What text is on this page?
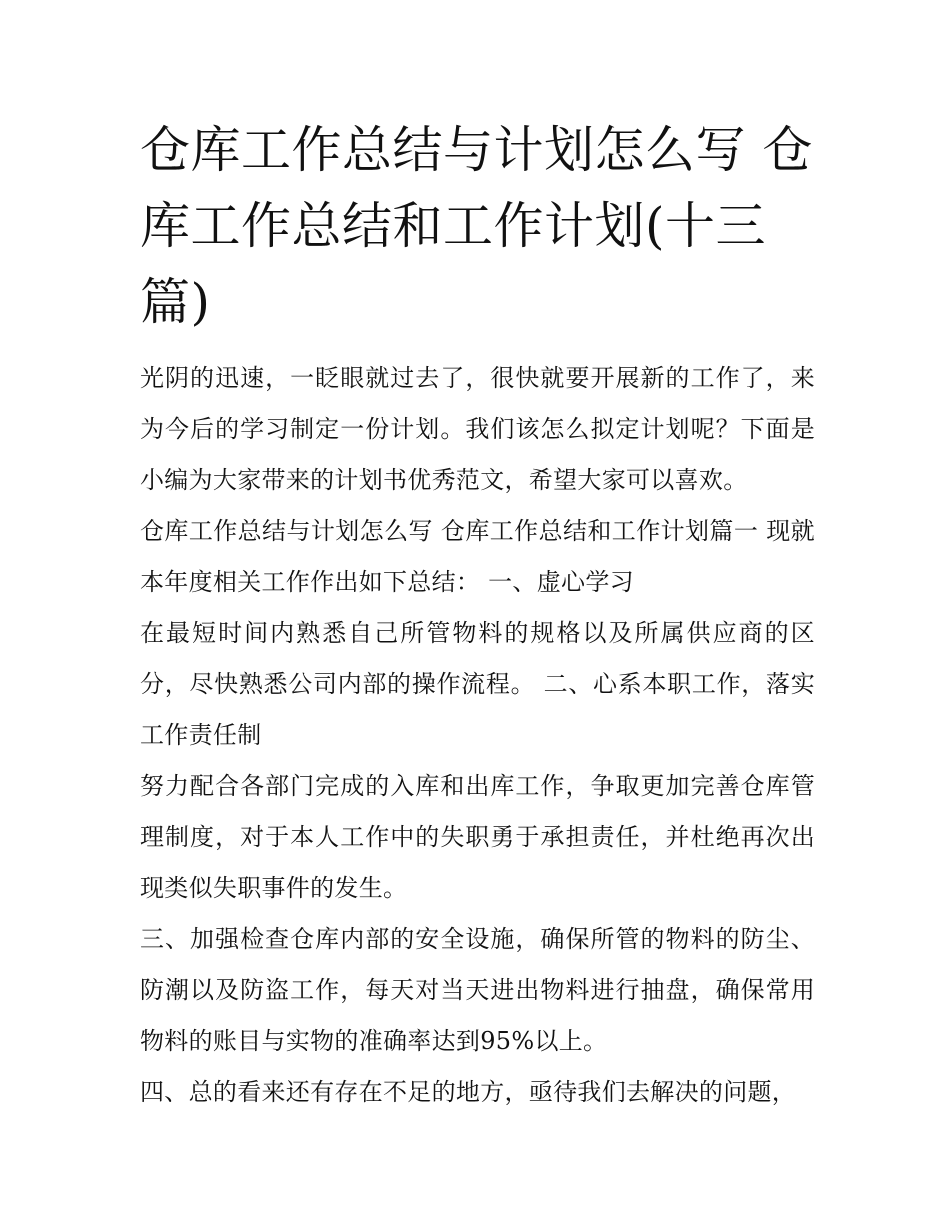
仓库工作总结与计划怎么写 仓库工作总结和工作计划(十三篇)

光阴的迅速，一眨眼就过去了，很快就要开展新的工作了，来为今后的学习制定一份计划。我们该怎么拟定计划呢？下面是小编为大家带来的计划书优秀范文，希望大家可以喜欢。

仓库工作总结与计划怎么写 仓库工作总结和工作计划篇一 现就本年度相关工作作出如下总结： 一、虚心学习

在最短时间内熟悉自己所管物料的规格以及所属供应商的区分，尽快熟悉公司内部的操作流程。 二、心系本职工作，落实工作责任制

努力配合各部门完成的入库和出库工作，争取更加完善仓库管理制度，对于本人工作中的失职勇于承担责任，并杜绝再次出现类似失职事件的发生。

三、加强检查仓库内部的安全设施，确保所管的物料的防尘、防潮以及防盗工作，每天对当天进出物料进行抽盘，确保常用物料的账目与实物的准确率达到95%以上。

四、总的看来还有存在不足的地方，亟待我们去解决的问题，
